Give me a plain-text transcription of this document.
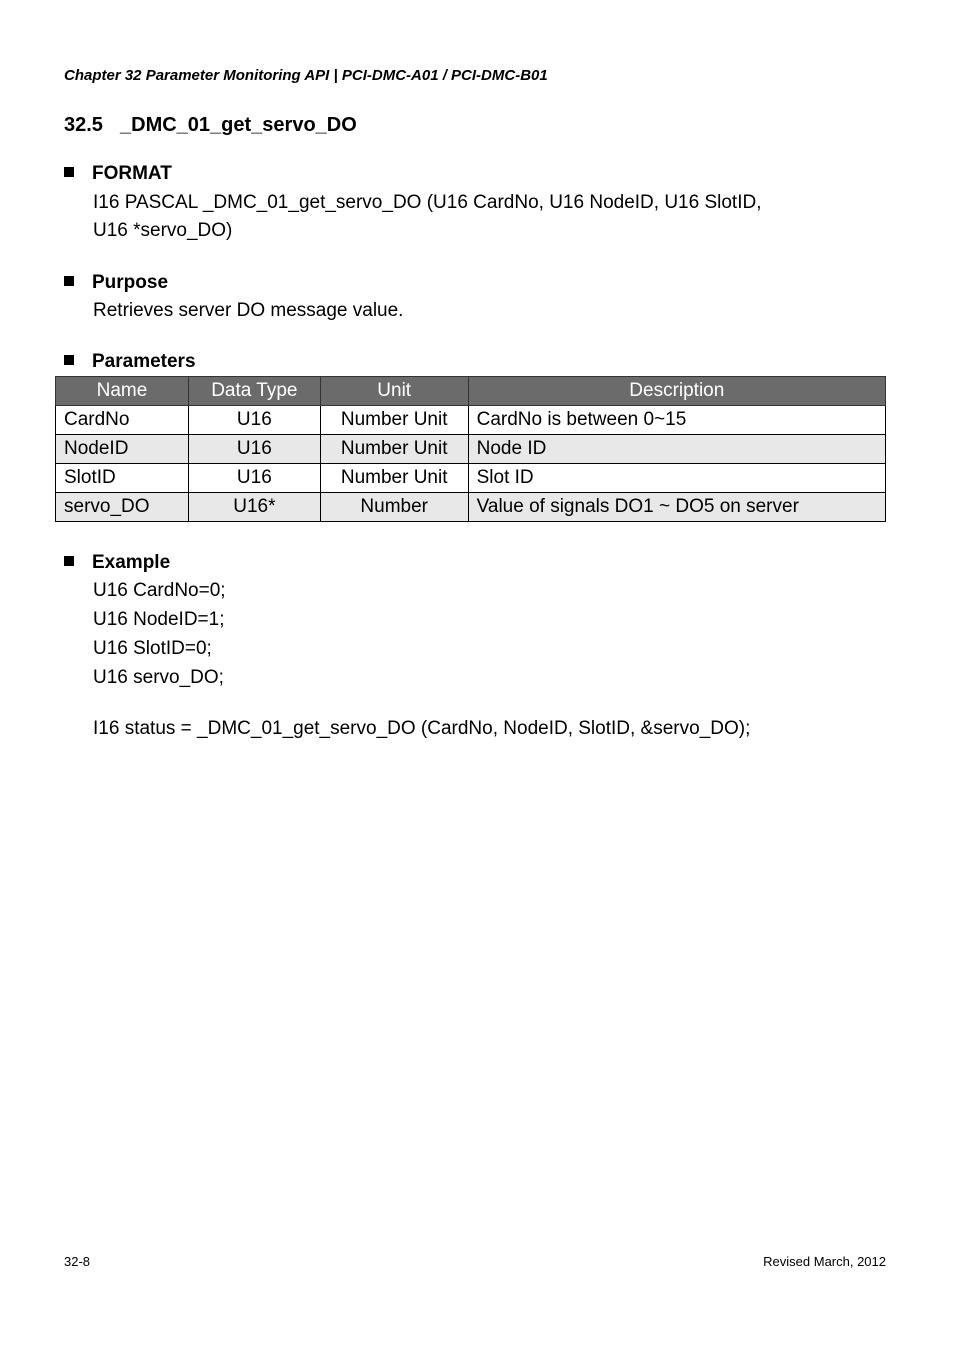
Chapter 32 Parameter Monitoring API | PCI-DMC-A01 / PCI-DMC-B01
32.5 _DMC_01_get_servo_DO
FORMAT
I16 PASCAL _DMC_01_get_servo_DO (U16 CardNo, U16 NodeID, U16 SlotID,
U16 *servo_DO)
Purpose
Retrieves server DO message value.
Parameters
Name	Data Type	Unit	Description
CardNo	U16	Number Unit	CardNo is between 0~15
NodeID	U16	Number Unit	Node ID
SlotID	U16	Number Unit	Slot ID
servo_DO	U16*	Number	Value of signals DO1 ~ DO5 on server
Example
U16 CardNo=0;
U16 NodeID=1;
U16 SlotID=0;
U16 servo_DO;
I16 status = _DMC_01_get_servo_DO (CardNo, NodeID, SlotID, &servo_DO);
32-8	Revised March, 2012
